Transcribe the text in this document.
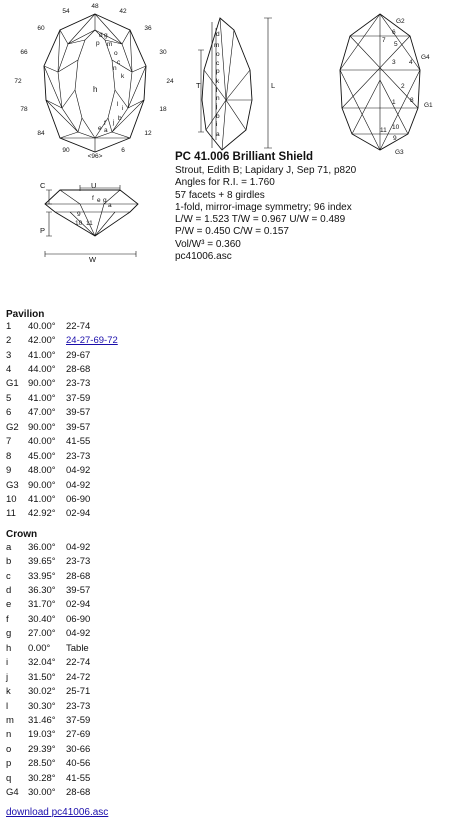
48
54	42
60	36
66	30
72	24
78	18
84	12
90	6
<96>
d g
p m
o
c
n
k
h
l
i
b
j
f
e a
d
m
o
c
p
k
l
n
j
b
i
a
T	L
G2
6
7
5
3 4
G4
2
1 8
G1
10
11
9
G3
C	U
P
W
f e g
a
9
10 11
PC 41.006 Brilliant Shield
Strout, Edith B; Lapidary J, Sep 71, p820
Angles for R.I. = 1.760
57 facets + 8 girdles
1-fold, mirror-image symmetry; 96 index
L/W = 1.523 T/W = 0.967 U/W = 0.489
P/W = 0.450 C/W = 0.157
Vol/W³ = 0.360
pc41006.asc
Pavilion
1	40.00°	22-74
2	42.00°	24-27-69-72
3	41.00°	29-67
4	44.00°	28-68
G1	90.00°	23-73
5	41.00°	37-59
6	47.00°	39-57
G2	90.00°	39-57
7	40.00°	41-55
8	45.00°	23-73
9	48.00°	04-92
G3	90.00°	04-92
10	41.00°	06-90
11	42.92°	02-94
Crown
a	36.00°	04-92
b	39.65°	23-73
c	33.95°	28-68
d	36.30°	39-57
e	31.70°	02-94
f	30.40°	06-90
g	27.00°	04-92
h	0.00°	Table
i	32.04°	22-74
j	31.50°	24-72
k	30.02°	25-71
l	30.30°	23-73
m	31.46°	37-59
n	19.03°	27-69
o	29.39°	30-66
p	28.50°	40-56
q	30.28°	41-55
G4	30.00°	28-68
download pc41006.asc
